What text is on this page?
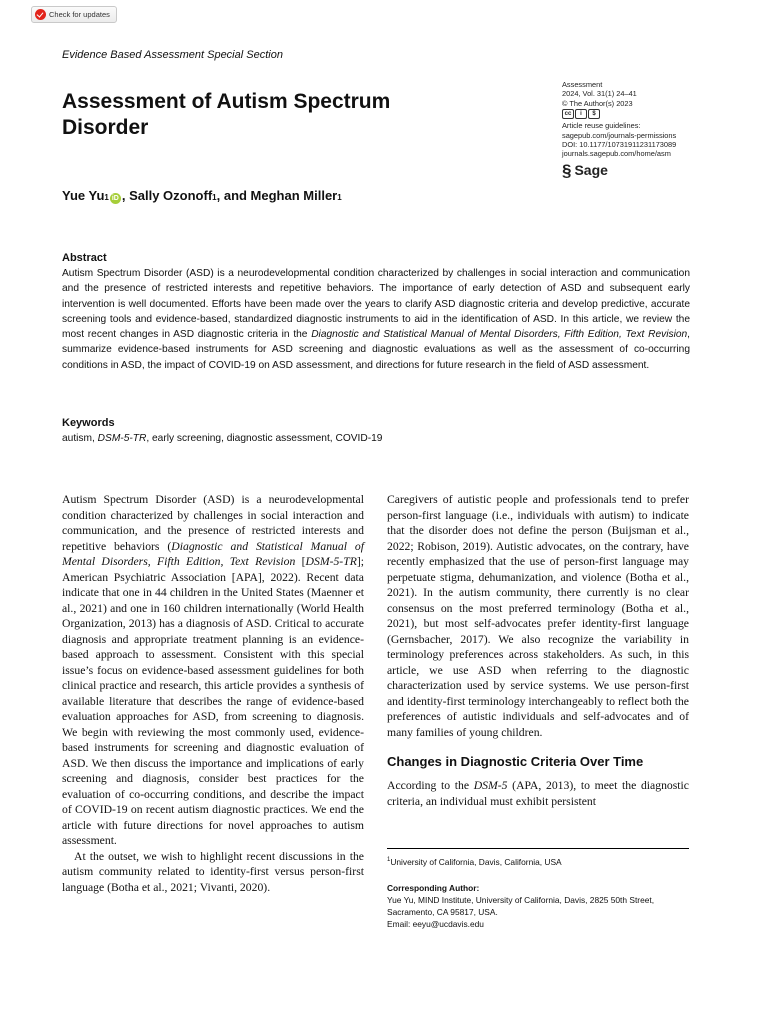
Check for updates
Evidence Based Assessment Special Section
Assessment of Autism Spectrum Disorder
Assessment
2024, Vol. 31(1) 24–41
© The Author(s) 2023
cc	i	$
Article reuse guidelines:
sagepub.com/journals-permissions
DOI: 10.1177/10731911231173089
journals.sagepub.com/home/asm
§ Sage
Yue Yu 1 iD , Sally Ozonoff 1 , and Meghan Miller 1
Abstract

Autism Spectrum Disorder (ASD) is a neurodevelopmental condition characterized by challenges in social interaction and communication and the presence of restricted interests and repetitive behaviors. The importance of early detection of ASD and subsequent early intervention is well documented. Efforts have been made over the years to clarify ASD diagnostic criteria and develop predictive, accurate screening tools and evidence-based, standardized diagnostic instruments to aid in the identification of ASD. In this article, we review the most recent changes in ASD diagnostic criteria in the Diagnostic and Statistical Manual of Mental Disorders, Fifth Edition, Text Revision, summarize evidence-based instruments for ASD screening and diagnostic evaluations as well as the assessment of co-occurring conditions in ASD, the impact of COVID-19 on ASD assessment, and directions for future research in the field of ASD assessment.

Keywords

autism, DSM-5-TR, early screening, diagnostic assessment, COVID-19

Autism Spectrum Disorder (ASD) is a neurodevelopmental condition characterized by challenges in social interaction and communication, and the presence of restricted interests and repetitive behaviors (Diagnostic and Statistical Manual of Mental Disorders, Fifth Edition, Text Revision [DSM-5-TR]; American Psychiatric Association [APA], 2022). Recent data indicate that one in 44 children in the United States (Maenner et al., 2021) and one in 160 children internationally (World Health Organization, 2013) has a diagnosis of ASD. Critical to accurate diagnosis and appropriate treatment planning is an evidence-based approach to assessment. Consistent with this special issue’s focus on evidence-based assessment guidelines for both clinical practice and research, this article provides a synthesis of available literature that describes the range of evidence-based evaluation approaches for ASD, from screening to diagnosis. We begin with reviewing the most commonly used, evidence-based instruments for screening and diagnostic evaluation of ASD. We then discuss the importance and implications of early screening and diagnosis, consider best practices for the evaluation of co-occurring conditions, and describe the impact of COVID-19 on recent autism diagnostic practices. We end the article with future directions for novel approaches to autism assessment.

At the outset, we wish to highlight recent discussions in the autism community related to identity-first versus person-first language (Botha et al., 2021; Vivanti, 2020).

Caregivers of autistic people and professionals tend to prefer person-first language (i.e., individuals with autism) to indicate that the disorder does not define the person (Buijsman et al., 2022; Robison, 2019). Autistic advocates, on the contrary, have recently emphasized that the use of person-first language may perpetuate stigma, dehumanization, and violence (Botha et al., 2021). In the autism community, there currently is no clear consensus on the most preferred terminology (Botha et al., 2021), but most self-advocates prefer identity-first language (Gernsbacher, 2017). We also recognize the variability in terminology preferences across stakeholders. As such, in this article, we use ASD when referring to the diagnostic characterization used by service systems. We use person-first and identity-first terminology interchangeably to reflect both the preferences of autistic individuals and self-advocates and of many families of young children.

Changes in Diagnostic Criteria Over Time

According to the DSM-5 (APA, 2013), to meet the diagnostic criteria, an individual must exhibit persistent

$^1$University of California, Davis, California, USA
Corresponding Author:
Yue Yu, MIND Institute, University of California, Davis, 2825 50th Street, Sacramento, CA 95817, USA.
Email: eeyu@ucdavis.edu
